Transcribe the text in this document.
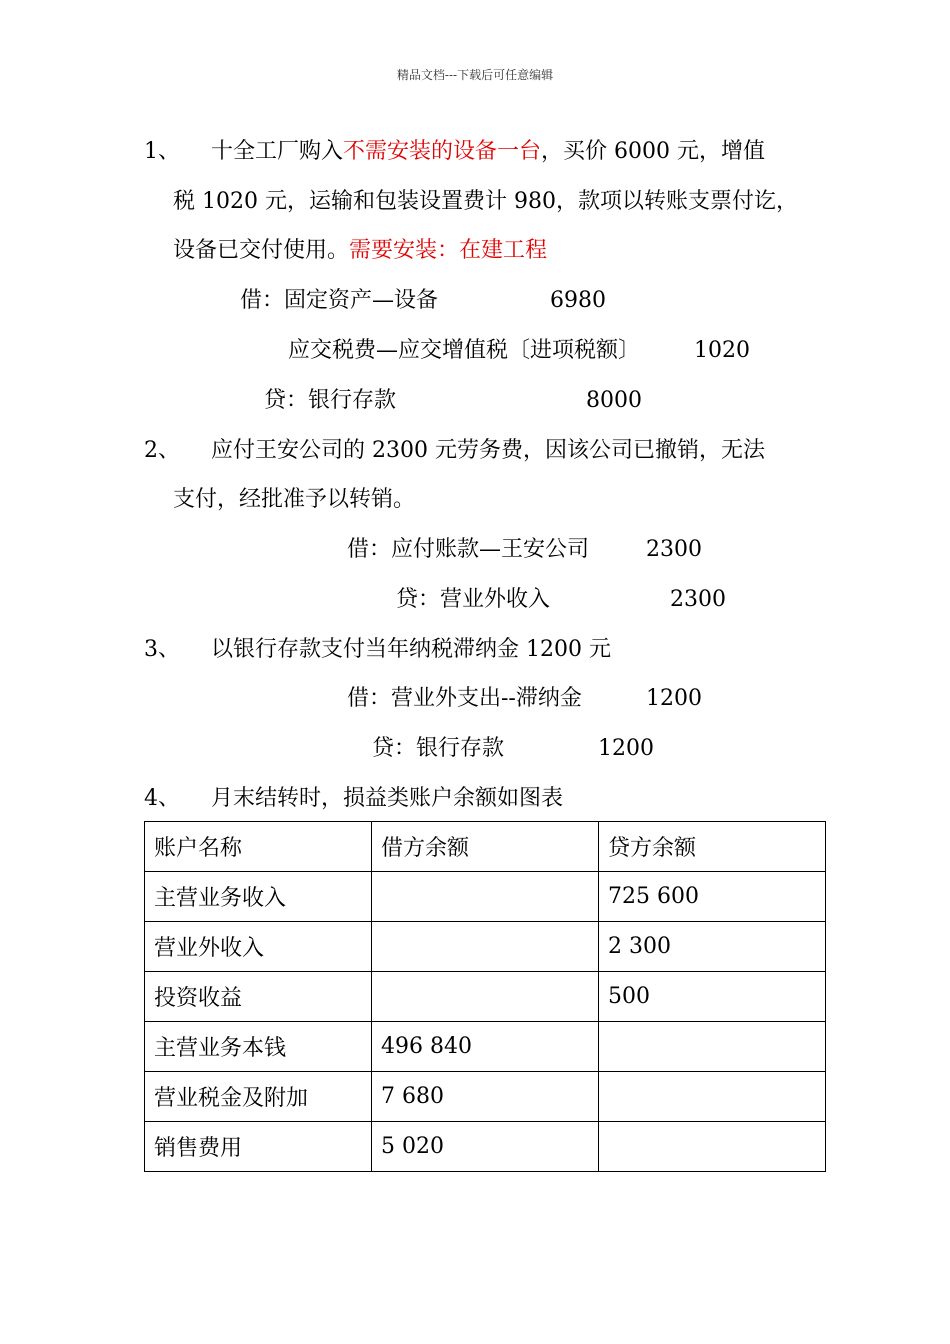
精品文档---下载后可任意编辑
1、 十全工厂购入不需安装的设备一台，买价 6000 元，增值
税 1020 元，运输和包装设置费计 980，款项以转账支票付讫，
设备已交付使用。需要安装：在建工程
借：固定资产—设备	6980
应交税费—应交增值税〔进项税额〕 1020
贷：银行存款	8000
2、 应付王安公司的 2300 元劳务费，因该公司已撤销，无法
支付，经批准予以转销。
借：应付账款—王安公司	2300
贷：营业外收入	2300
3、 以银行存款支付当年纳税滞纳金 1200 元
借：营业外支出--滞纳金	1200
贷：银行存款	1200
4、 月末结转时，损益类账户余额如图表
账户名称	借方余额	贷方余额
主营业务收入		725 600
营业外收入		2 300
投资收益		500
主营业务本钱	496 840	
营业税金及附加	7 680	
销售费用	5 020	
